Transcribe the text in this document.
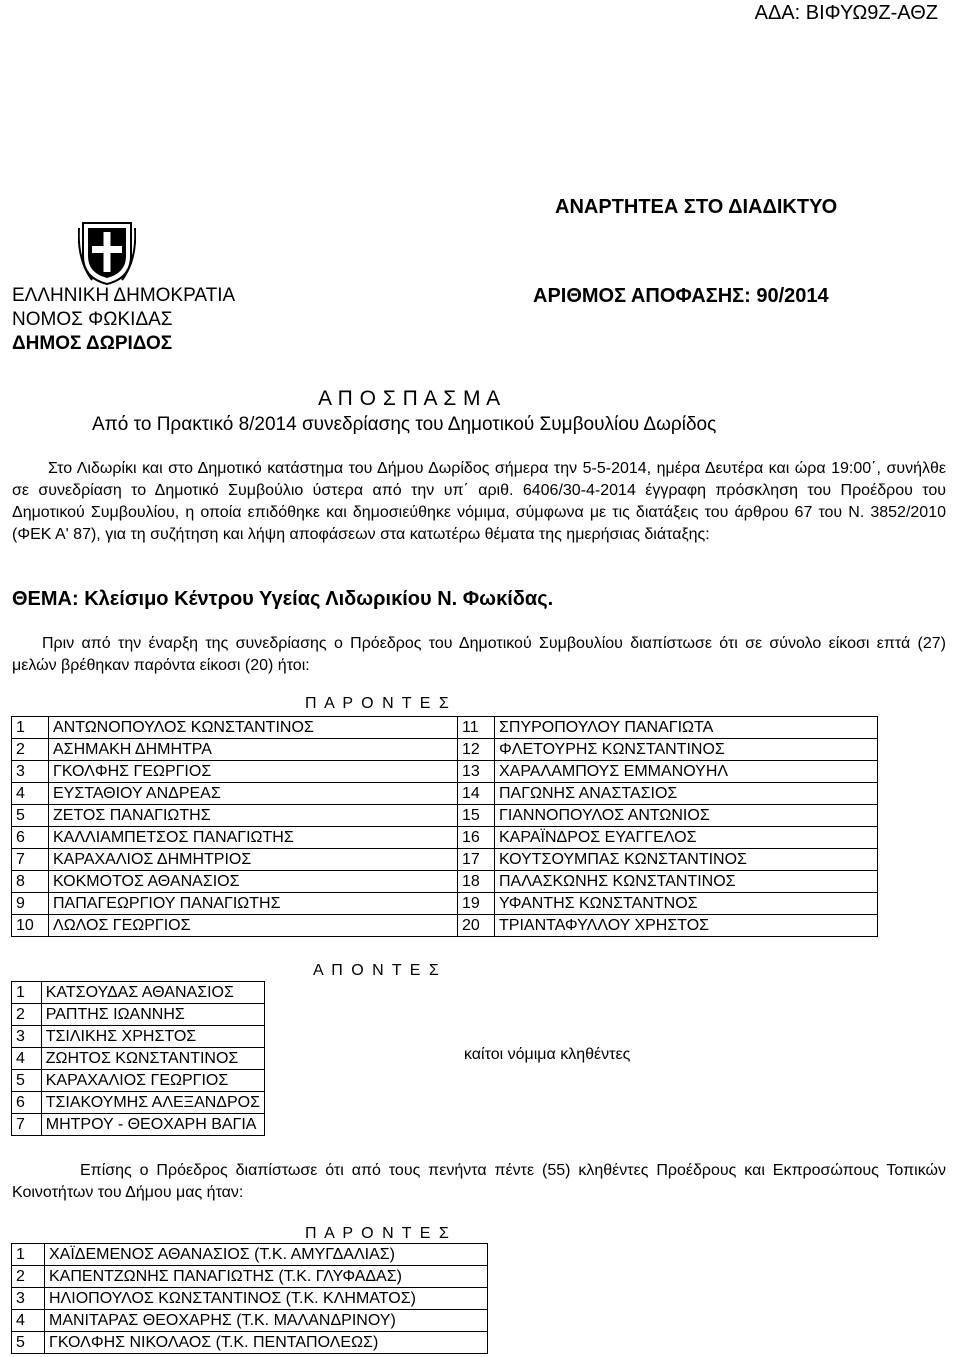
ΑΔΑ: ΒΙΦΥΩ9Ζ-ΑΘΖ
ΑΝΑΡΤΗΤΕΑ ΣΤΟ ΔΙΑΔΙΚΤΥΟ
ΕΛΛΗΝΙΚΗ ΔΗΜΟΚΡΑΤΙΑ
ΝΟΜΟΣ ΦΩΚΙΔΑΣ
ΔΗΜΟΣ ΔΩΡΙΔΟΣ
ΑΡΙΘΜΟΣ ΑΠΟΦΑΣΗΣ: 90/2014
Α Π Ο Σ Π Α Σ Μ Α
Από το Πρακτικό 8/2014 συνεδρίασης του Δημοτικού Συμβουλίου Δωρίδος

Στο Λιδωρίκι και στο Δημοτικό κατάστημα του Δήμου Δωρίδος σήμερα την 5-5-2014, ημέρα Δευτέρα και ώρα 19:00΄, συνήλθε σε συνεδρίαση το Δημοτικό Συμβούλιο ύστερα από την υπ΄ αριθ. 6406/30-4-2014 έγγραφη πρόσκληση του Προέδρου του Δημοτικού Συμβουλίου, η οποία επιδόθηκε και δημοσιεύθηκε νόμιμα, σύμφωνα με τις διατάξεις του άρθρου 67 του Ν. 3852/2010 (ΦΕΚ Α' 87), για τη συζήτηση και λήψη αποφάσεων στα κατωτέρω θέματα της ημερήσιας διάταξης:

ΘΕΜΑ: Κλείσιμο Κέντρου Υγείας Λιδωρικίου Ν. Φωκίδας.

Πριν από την έναρξη της συνεδρίασης ο Πρόεδρος του Δημοτικού Συμβουλίου διαπίστωσε ότι σε σύνολο είκοσι επτά (27) μελών βρέθηκαν παρόντα είκοσι (20) ήτοι:

Π Α Ρ Ο Ν Τ Ε Σ
1	ΑΝΤΩΝΟΠΟΥΛΟΣ ΚΩΝΣΤΑΝΤΙΝΟΣ	11	ΣΠΥΡΟΠΟΥΛΟΥ ΠΑΝΑΓΙΩΤΑ
2	ΑΣΗΜΑΚΗ ΔΗΜΗΤΡΑ	12	ΦΛΕΤΟΥΡΗΣ ΚΩΝΣΤΑΝΤΙΝΟΣ
3	ΓΚΟΛΦΗΣ ΓΕΩΡΓΙΟΣ	13	ΧΑΡΑΛΑΜΠΟΥΣ ΕΜΜΑΝΟΥΗΛ
4	ΕΥΣΤΑΘΙΟΥ ΑΝΔΡΕΑΣ	14	ΠΑΓΩΝΗΣ ΑΝΑΣΤΑΣΙΟΣ
5	ΖΕΤΟΣ ΠΑΝΑΓΙΩΤΗΣ	15	ΓΙΑΝΝΟΠΟΥΛΟΣ ΑΝΤΩΝΙΟΣ
6	ΚΑΛΛΙΑΜΠΕΤΣΟΣ ΠΑΝΑΓΙΩΤΗΣ	16	ΚΑΡΑΪΝΔΡΟΣ ΕΥΑΓΓΕΛΟΣ
7	ΚΑΡΑΧΑΛΙΟΣ ΔΗΜΗΤΡΙΟΣ	17	ΚΟΥΤΣΟΥΜΠΑΣ ΚΩΝΣΤΑΝΤΙΝΟΣ
8	ΚΟΚΜΟΤΟΣ ΑΘΑΝΑΣΙΟΣ	18	ΠΑΛΑΣΚΩΝΗΣ ΚΩΝΣΤΑΝΤΙΝΟΣ
9	ΠΑΠΑΓΕΩΡΓΙΟΥ ΠΑΝΑΓΙΩΤΗΣ	19	ΥΦΑΝΤΗΣ ΚΩΝΣΤΑΝΤΝΟΣ
10	ΛΩΛΟΣ ΓΕΩΡΓΙΟΣ	20	ΤΡΙΑΝΤΑΦΥΛΛΟΥ ΧΡΗΣΤΟΣ
Α Π Ο Ν Τ Ε Σ
1	ΚΑΤΣΟΥΔΑΣ ΑΘΑΝΑΣΙΟΣ
2	ΡΑΠΤΗΣ ΙΩΑΝΝΗΣ
3	ΤΣΙΛΙΚΗΣ ΧΡΗΣΤΟΣ
4	ΖΩΗΤΟΣ ΚΩΝΣΤΑΝΤΙΝΟΣ
5	ΚΑΡΑΧΑΛΙΟΣ ΓΕΩΡΓΙΟΣ
6	ΤΣΙΑΚΟΥΜΗΣ ΑΛΕΞΑΝΔΡΟΣ
7	ΜΗΤΡΟΥ - ΘΕΟΧΑΡΗ ΒΑΓΙΑ
καίτοι νόμιμα κληθέντες

Επίσης ο Πρόεδρος διαπίστωσε ότι από τους πενήντα πέντε (55) κληθέντες Προέδρους και Εκπροσώπους Τοπικών Κοινοτήτων του Δήμου μας ήταν:

Π Α Ρ Ο Ν Τ Ε Σ
1	ΧΑΪΔΕΜΕΝΟΣ ΑΘΑΝΑΣΙΟΣ (Τ.Κ. ΑΜΥΓΔΑΛΙΑΣ)
2	ΚΑΠΕΝΤΖΩΝΗΣ ΠΑΝΑΓΙΩΤΗΣ (Τ.Κ. ΓΛΥΦΑΔΑΣ)
3	ΗΛΙΟΠΟΥΛΟΣ ΚΩΝΣΤΑΝΤΙΝΟΣ (Τ.Κ. ΚΛΗΜΑΤΟΣ)
4	ΜΑΝΙΤΑΡΑΣ ΘΕΟΧΑΡΗΣ (Τ.Κ. ΜΑΛΑΝΔΡΙΝΟΥ)
5	ΓΚΟΛΦΗΣ ΝΙΚΟΛΑΟΣ (Τ.Κ. ΠΕΝΤΑΠΟΛΕΩΣ)
